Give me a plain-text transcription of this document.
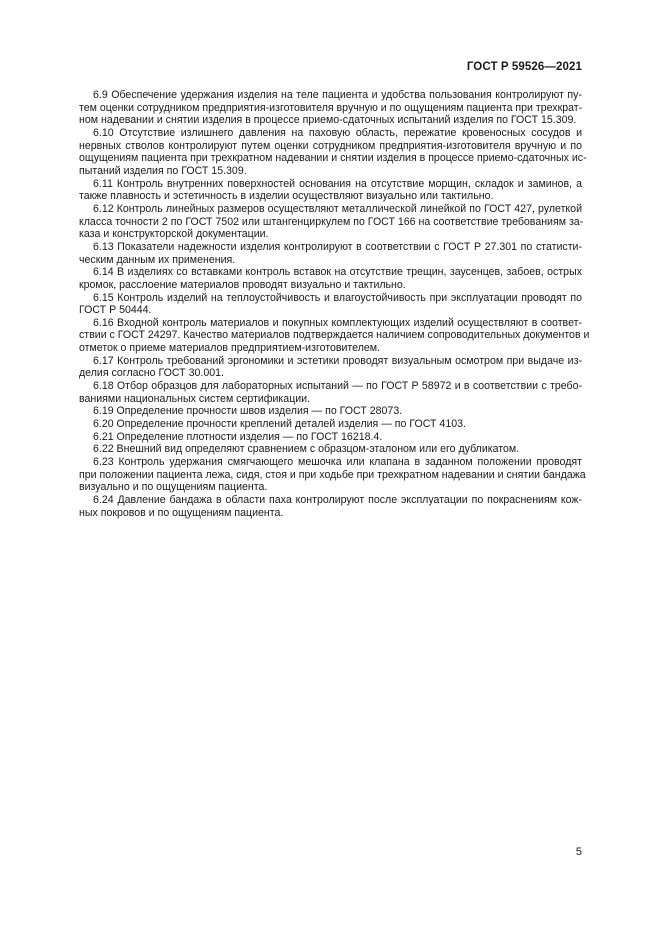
ГОСТ Р 59526—2021

6.9 Обеспечение удержания изделия на теле пациента и удобства пользования контролируют пу-
тем оценки сотрудником предприятия-изготовителя вручную и по ощущениям пациента при трехкрат-
ном надевании и снятии изделия в процессе приемо-сдаточных испытаний изделия по ГОСТ 15.309.

6.10 Отсутствие излишнего давления на паховую область, пережатие кровеносных сосудов и
нервных стволов контролируют путем оценки сотрудником предприятия-изготовителя вручную и по
ощущениям пациента при трехкратном надевании и снятии изделия в процессе приемо-сдаточных ис-
пытаний изделия по ГОСТ 15.309.

6.11 Контроль внутренних поверхностей основания на отсутствие морщин, складок и заминов, а
также плавность и эстетичность в изделии осуществляют визуально или тактильно.

6.12 Контроль линейных размеров осуществляют металлической линейкой по ГОСТ 427, рулеткой
класса точности 2 по ГОСТ 7502 или штангенциркулем по ГОСТ 166 на соответствие требованиям за-
каза и конструкторской документации.

6.13 Показатели надежности изделия контролируют в соответствии с ГОСТ Р 27.301 по статисти-
ческим данным их применения.

6.14 В изделиях со вставками контроль вставок на отсутствие трещин, заусенцев, забоев, острых
кромок, расслоение материалов проводят визуально и тактильно.

6.15 Контроль изделий на теплоустойчивость и влагоустойчивость при эксплуатации проводят по
ГОСТ Р 50444.

6.16 Входной контроль материалов и покупных комплектующих изделий осуществляют в соответ-
ствии с ГОСТ 24297. Качество материалов подтверждается наличием сопроводительных документов и
отметок о приеме материалов предприятием-изготовителем.

6.17 Контроль требований эргономики и эстетики проводят визуальным осмотром при выдаче из-
делия согласно ГОСТ 30.001.

6.18 Отбор образцов для лабораторных испытаний — по ГОСТ Р 58972 и в соответствии с требо-
ваниями национальных систем сертификации.

6.19 Определение прочности швов изделия — по ГОСТ 28073.

6.20 Определение прочности креплений деталей изделия — по ГОСТ 4103.

6.21 Определение плотности изделия — по ГОСТ 16218.4.

6.22 Внешний вид определяют сравнением с образцом-эталоном или его дубликатом.

6.23 Контроль удержания смягчающего мешочка или клапана в заданном положении проводят
при положении пациента лежа, сидя, стоя и при ходьбе при трехкратном надевании и снятии бандажа
визуально и по ощущениям пациента.

6.24 Давление бандажа в области паха контролируют после эксплуатации по покраснениям кож-
ных покровов и по ощущениям пациента.

5
